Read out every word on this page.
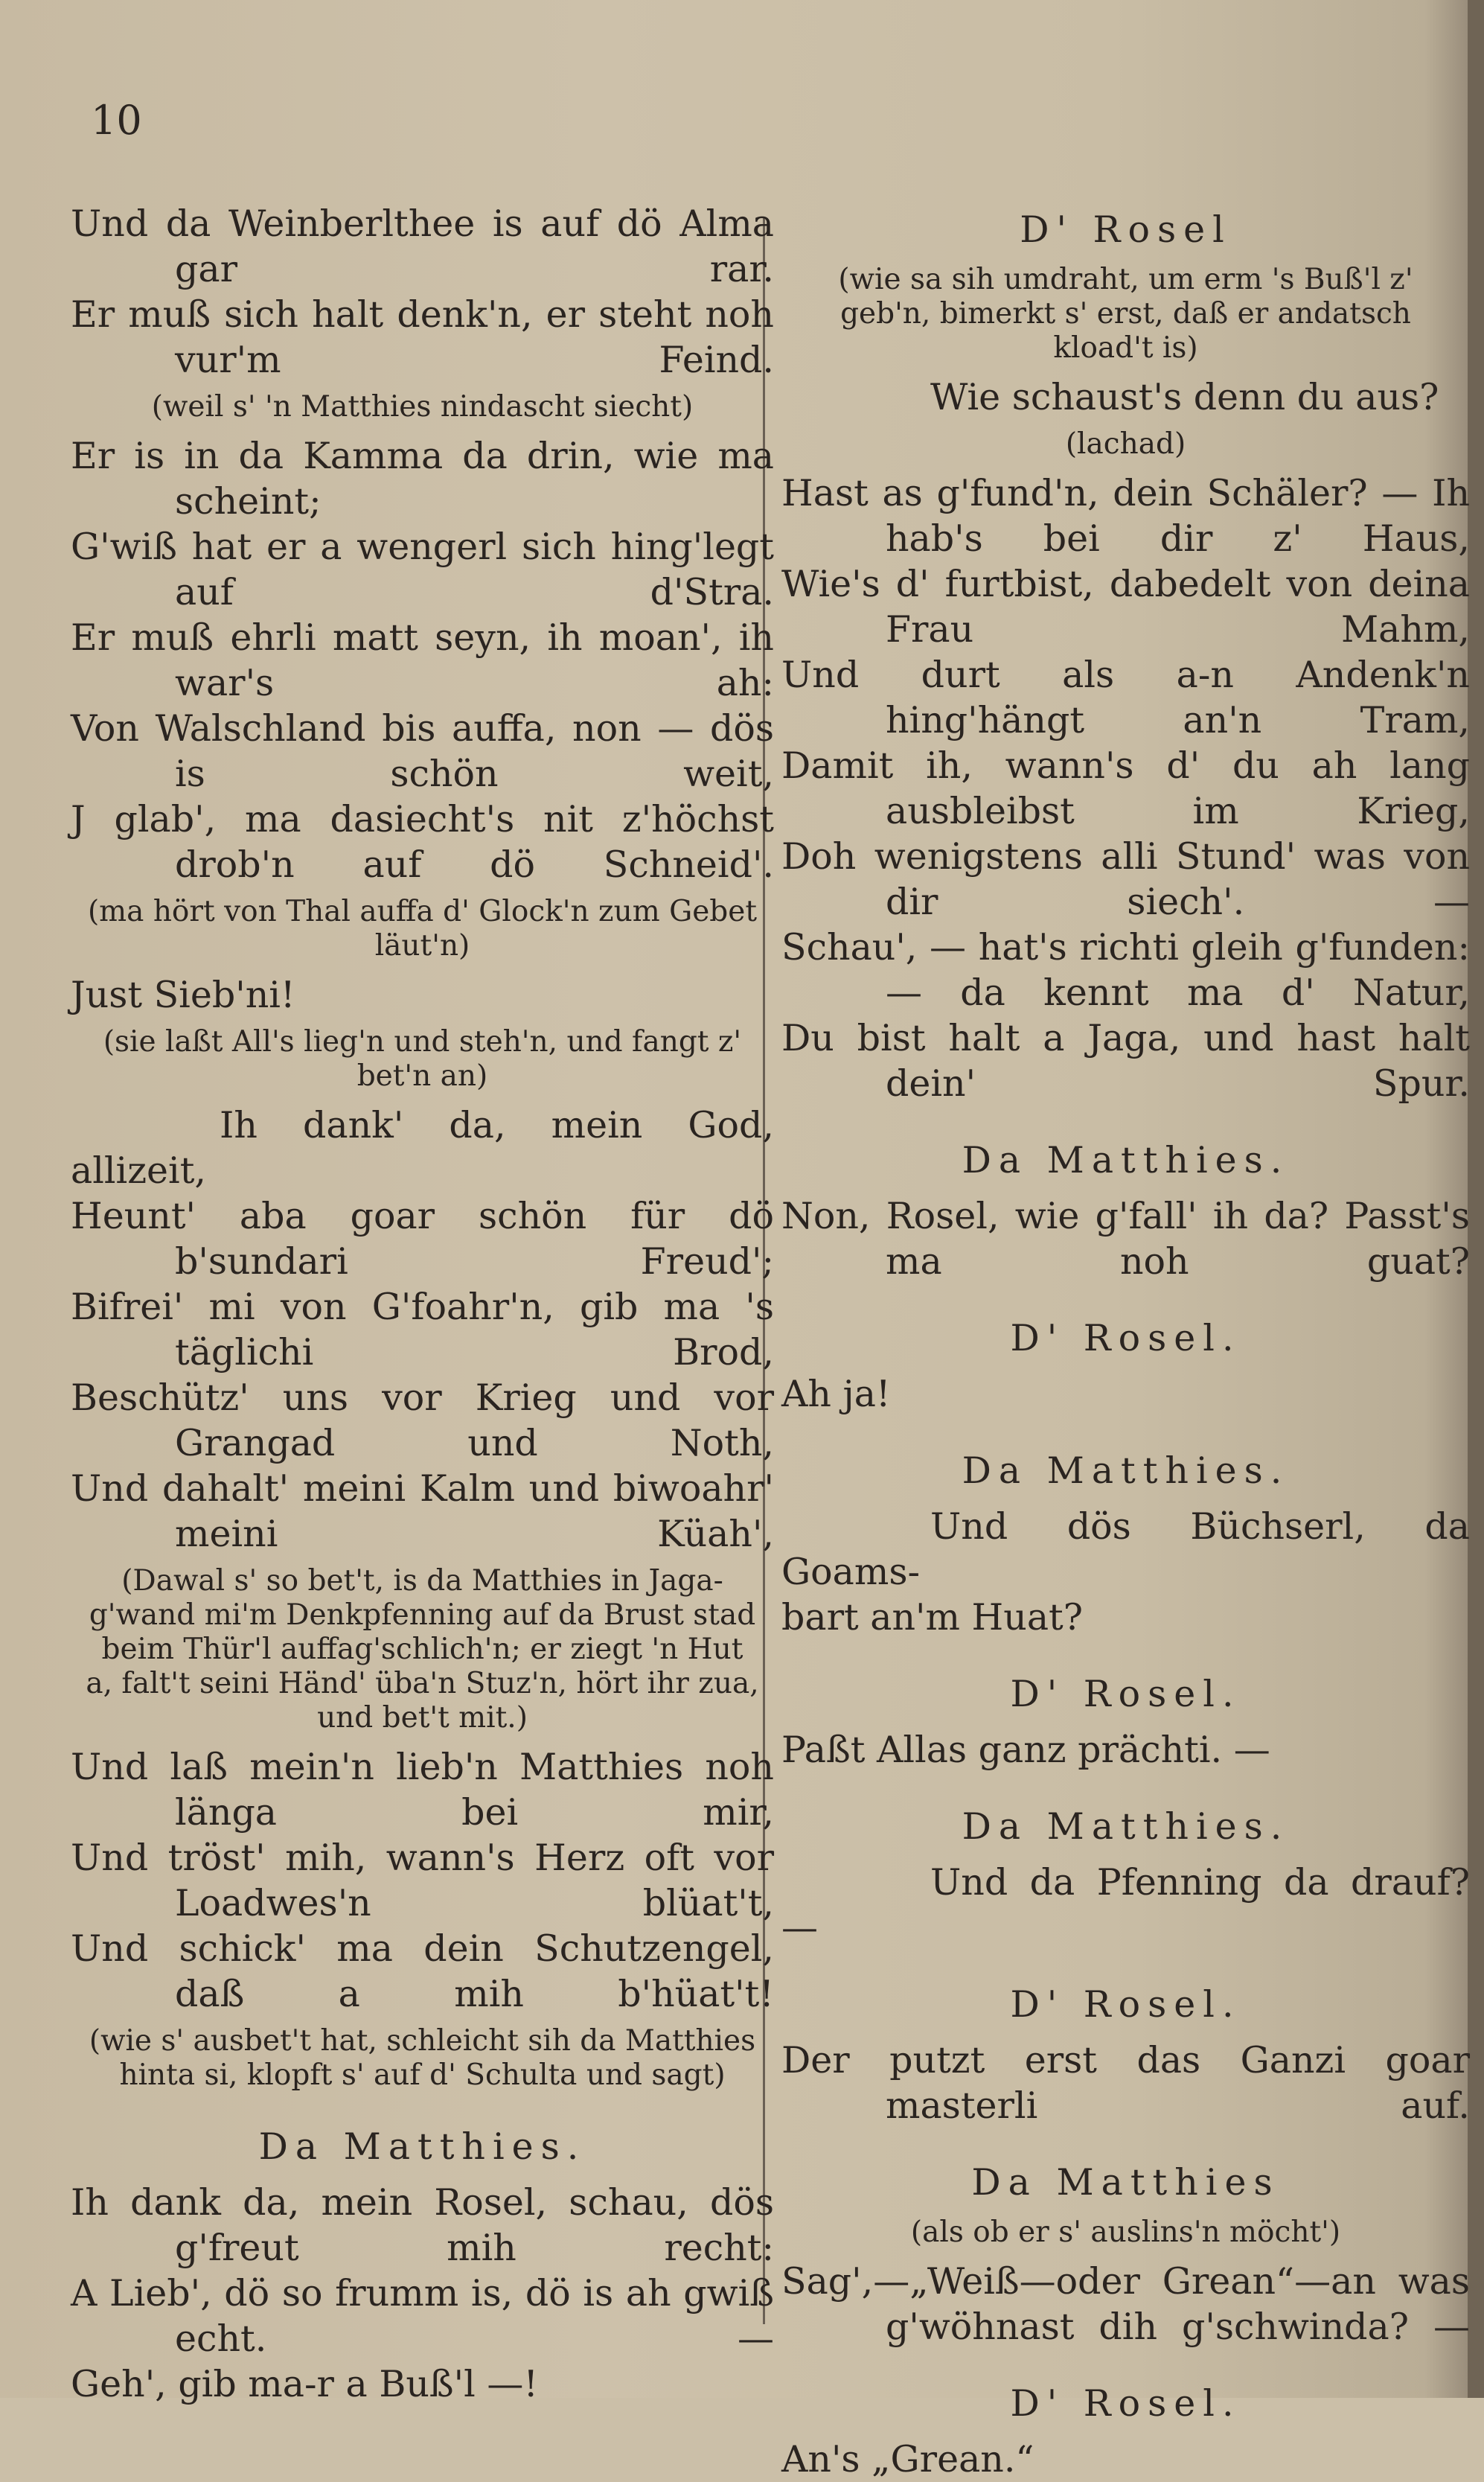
10
Und da Weinberlthee is auf dö Alma gar rar.
Er muß sich halt denk'n, er steht noh vur'm Feind.
(weil s' 'n Matthies nindascht siecht)
Er is in da Kamma da drin, wie ma scheint;
G'wiß hat er a wengerl sich hing'legt auf d'Stra.
Er muß ehrli matt seyn, ih moan', ih war's ah:
Von Walschland bis auffa, non — dös is schön weit,
J glab', ma dasiecht's nit z'höchst drob'n auf dö Schneid'.
(ma hört von Thal auffa d' Glock'n zum Gebet läut'n)
Just Sieb'ni!
(sie laßt All's lieg'n und steh'n, und fangt z' bet'n an)
Ih dank' da, mein God, allizeit,
Heunt' aba goar schön für dö b'sundari Freud';
Bifrei' mi von G'foahr'n, gib ma 's täglichi Brod,
Beschütz' uns vor Krieg und vor Grangad und Noth,
Und dahalt' meini Kalm und biwoahr' meini Küah',
(Dawal s' so bet't, is da Matthies in Jaga-g'wand mi'm Denkpfenning auf da Brust stad beim Thür'l auffag'schlich'n; er ziegt 'n Hut a, falt't seini Händ' üba'n Stuz'n, hört ihr zua, und bet't mit.)
Und laß mein'n lieb'n Matthies noh länga bei mir,
Und tröst' mih, wann's Herz oft vor Loadwes'n blüat't,
Und schick' ma dein Schutzengel, daß a mih b'hüat't!
(wie s' ausbet't hat, schleicht sih da Matthies hinta si, klopft s' auf d' Schulta und sagt)
Da Matthies.
Ih dank da, mein Rosel, schau, dös g'freut mih recht:
A Lieb', dö so frumm is, dö is ah gwiß echt. —
Geh', gib ma-r a Buß'l —!
D' Rosel
(wie sa sih umdraht, um erm 's Buß'l z' geb'n, bimerkt s' erst, daß er andatsch kload't is)
Wie schaust's denn du aus?
(lachad)
Hast as g'fund'n, dein Schäler? — Ih hab's bei dir z' Haus,
Wie's d' furtbist, dabedelt von deina Frau Mahm,
Und durt als a-n Andenk'n hing'hängt an'n Tram,
Damit ih, wann's d' du ah lang ausbleibst im Krieg,
Doh wenigstens alli Stund' was von dir siech'. —
Schau', — hat's richti gleih g'funden: — da kennt ma d' Natur,
Du bist halt a Jaga, und hast halt dein' Spur.
Da Matthies.
Non, Rosel, wie g'fall' ih da? Passt's ma noh guat?
D' Rosel.
Ah ja!
Da Matthies.
Und dös Büchserl, da Goams-
bart an'm Huat?
D' Rosel.
Paßt Allas ganz prächti. —
Da Matthies.
Und da Pfenning da drauf? —
D' Rosel.
Der putzt erst das Ganzi goar masterli auf.
Da Matthies
(als ob er s' auslins'n möcht')
Sag',—„Weiß—oder Grean“—an was g'wöhnast dih g'schwinda? —
D' Rosel.
An's „Grean.“
